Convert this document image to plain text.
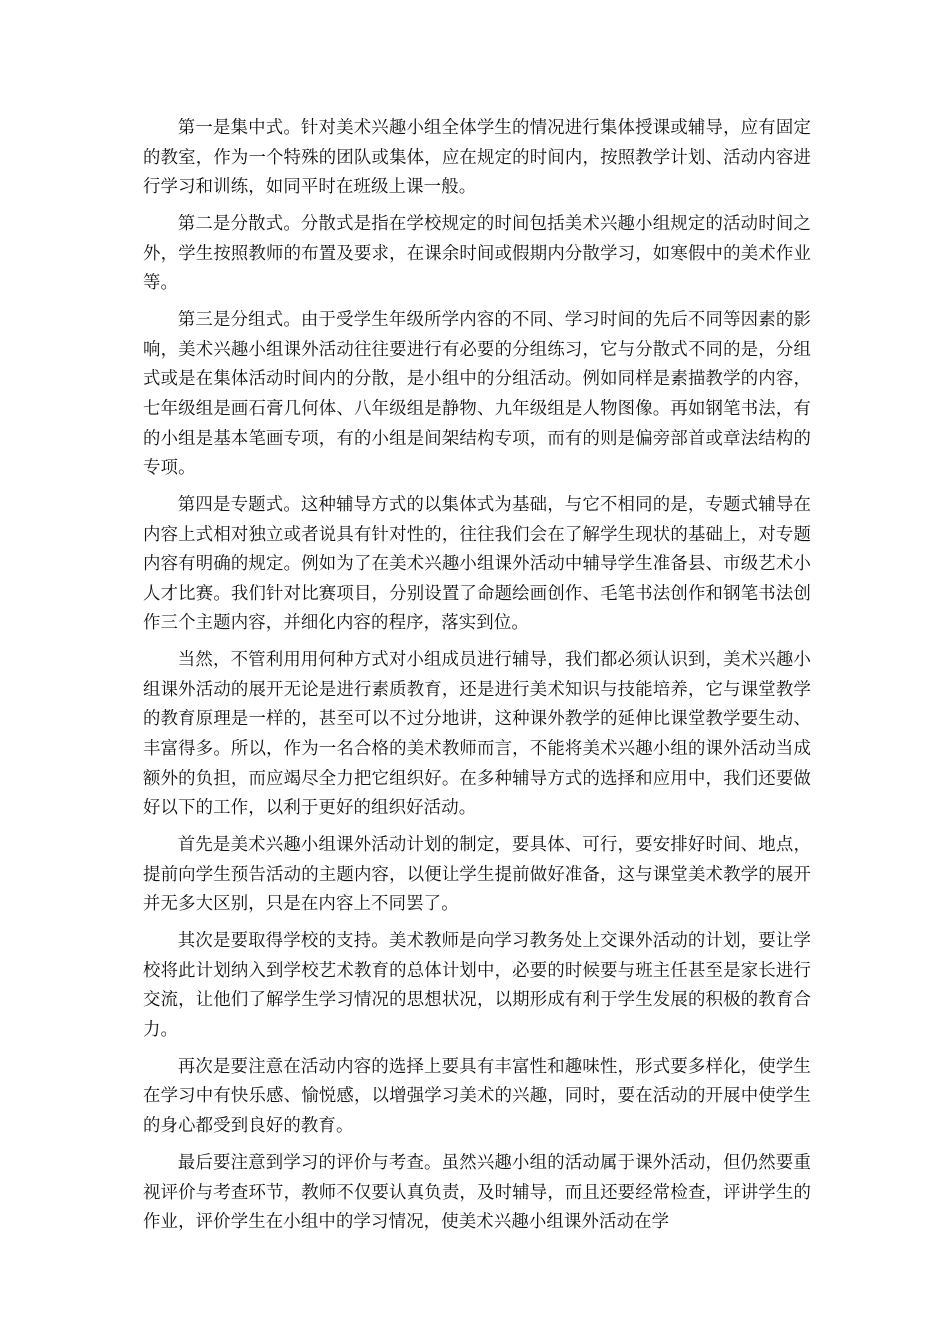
第一是集中式。针对美术兴趣小组全体学生的情况进行集体授课或辅导，应有固定的教室，作为一个特殊的团队或集体，应在规定的时间内，按照教学计划、活动内容进行学习和训练，如同平时在班级上课一般。

第二是分散式。分散式是指在学校规定的时间包括美术兴趣小组规定的活动时间之外，学生按照教师的布置及要求，在课余时间或假期内分散学习，如寒假中的美术作业等。

第三是分组式。由于受学生年级所学内容的不同、学习时间的先后不同等因素的影响，美术兴趣小组课外活动往往要进行有必要的分组练习，它与分散式不同的是，分组式或是在集体活动时间内的分散，是小组中的分组活动。例如同样是素描教学的内容，七年级组是画石膏几何体、八年级组是静物、九年级组是人物图像。再如钢笔书法，有的小组是基本笔画专项，有的小组是间架结构专项，而有的则是偏旁部首或章法结构的专项。

第四是专题式。这种辅导方式的以集体式为基础，与它不相同的是，专题式辅导在内容上式相对独立或者说具有针对性的，往往我们会在了解学生现状的基础上，对专题内容有明确的规定。例如为了在美术兴趣小组课外活动中辅导学生准备县、市级艺术小人才比赛。我们针对比赛项目，分别设置了命题绘画创作、毛笔书法创作和钢笔书法创作三个主题内容，并细化内容的程序，落实到位。

当然，不管利用用何种方式对小组成员进行辅导，我们都必须认识到，美术兴趣小组课外活动的展开无论是进行素质教育，还是进行美术知识与技能培养，它与课堂教学的教育原理是一样的，甚至可以不过分地讲，这种课外教学的延伸比课堂教学要生动、丰富得多。所以，作为一名合格的美术教师而言，不能将美术兴趣小组的课外活动当成额外的负担，而应竭尽全力把它组织好。在多种辅导方式的选择和应用中，我们还要做好以下的工作，以利于更好的组织好活动。

首先是美术兴趣小组课外活动计划的制定，要具体、可行，要安排好时间、地点，提前向学生预告活动的主题内容，以便让学生提前做好准备，这与课堂美术教学的展开并无多大区别，只是在内容上不同罢了。

其次是要取得学校的支持。美术教师是向学习教务处上交课外活动的计划，要让学校将此计划纳入到学校艺术教育的总体计划中，必要的时候要与班主任甚至是家长进行交流，让他们了解学生学习情况的思想状况，以期形成有利于学生发展的积极的教育合力。

再次是要注意在活动内容的选择上要具有丰富性和趣味性，形式要多样化，使学生在学习中有快乐感、愉悦感，以增强学习美术的兴趣，同时，要在活动的开展中使学生的身心都受到良好的教育。

最后要注意到学习的评价与考查。虽然兴趣小组的活动属于课外活动，但仍然要重视评价与考查环节，教师不仅要认真负责，及时辅导，而且还要经常检查，评讲学生的作业，评价学生在小组中的学习情况，使美术兴趣小组课外活动在学
